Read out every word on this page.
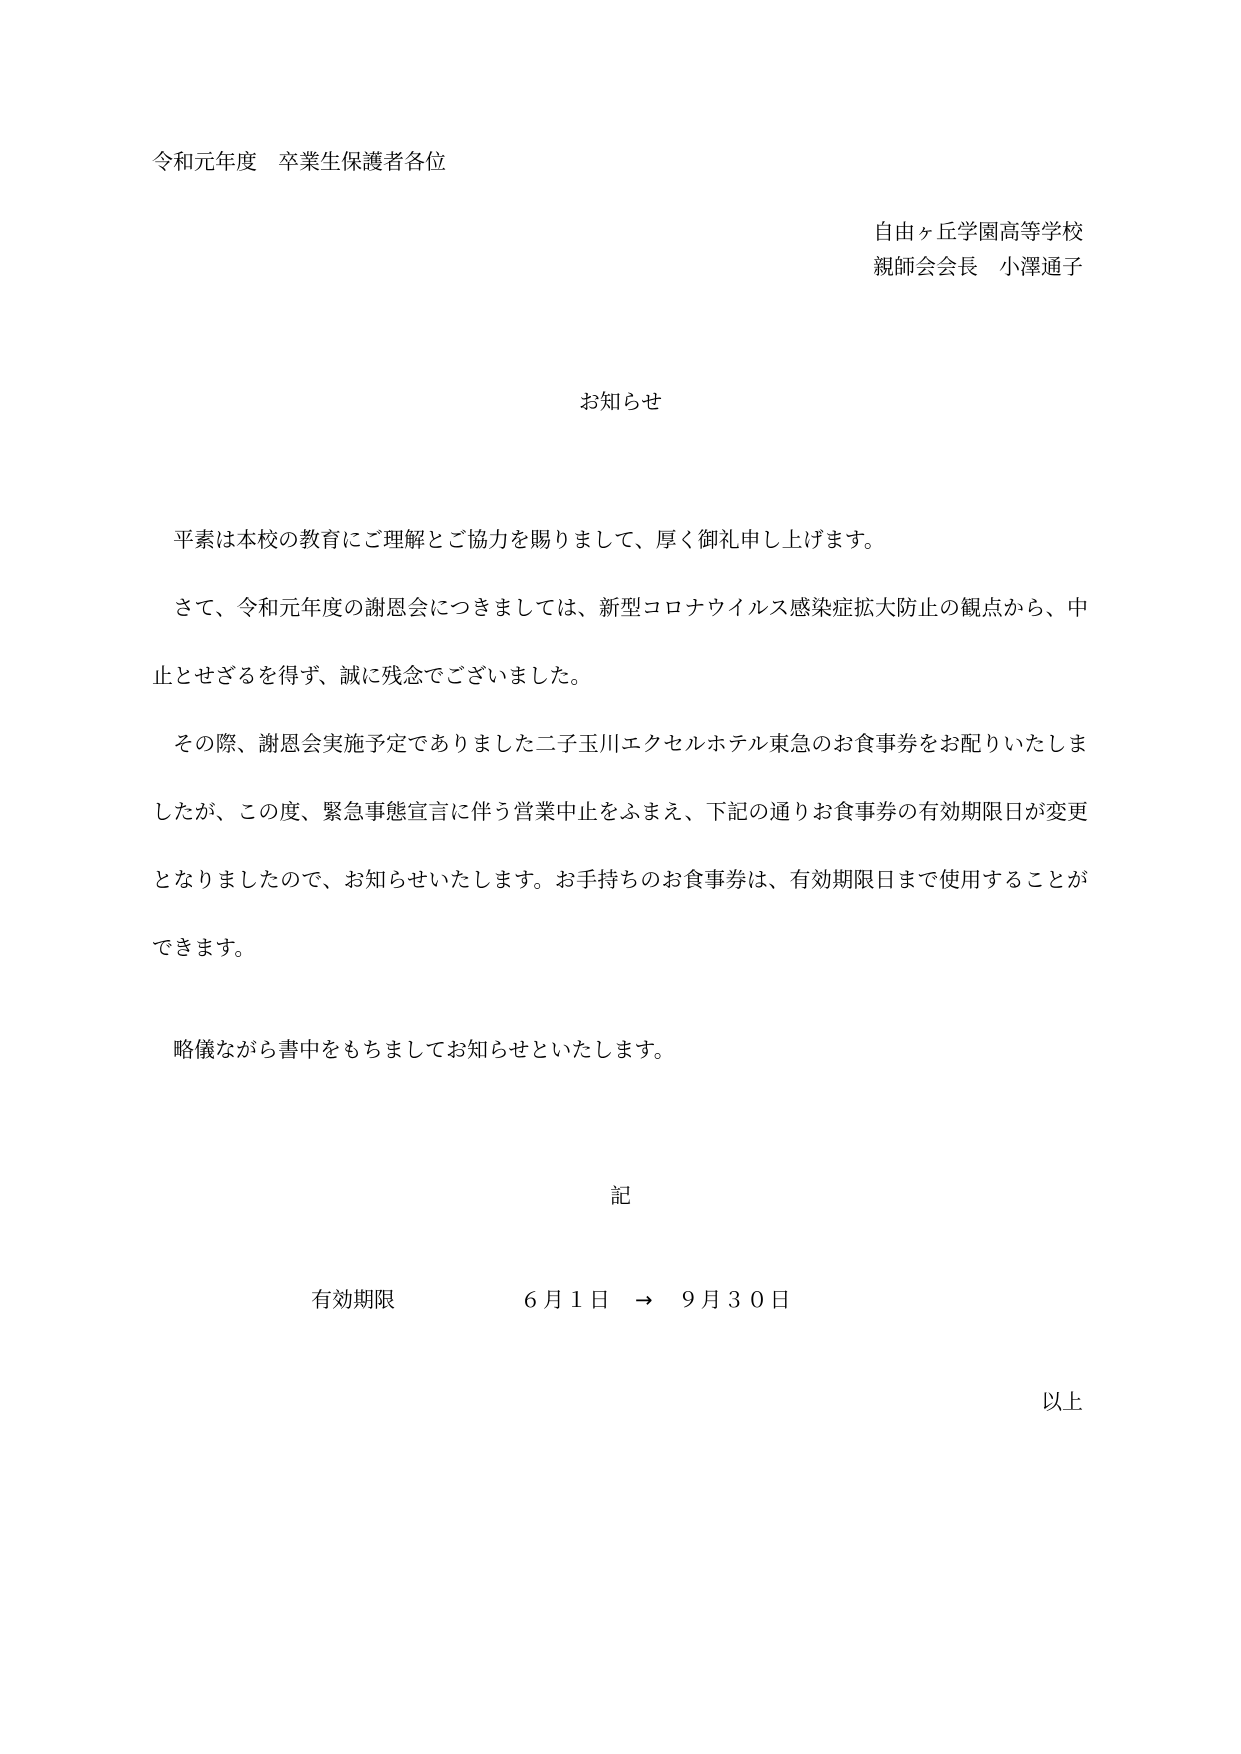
令和元年度　卒業生保護者各位
自由ヶ丘学園高等学校
親師会会長　小澤通子
お知らせ
平素は本校の教育にご理解とご協力を賜りまして、厚く御礼申し上げます。
さて、令和元年度の謝恩会につきましては、新型コロナウイルス感染症拡大防止の観点から、中止とせざるを得ず、誠に残念でございました。
その際、謝恩会実施予定でありました二子玉川エクセルホテル東急のお食事券をお配りいたしましたが、この度、緊急事態宣言に伴う営業中止をふまえ、下記の通りお食事券の有効期限日が変更となりましたので、お知らせいたします。お手持ちのお食事券は、有効期限日まで使用することができます。
略儀ながら書中をもちましてお知らせといたします。
記
有効期限	６月１日　→　９月３０日
以上
